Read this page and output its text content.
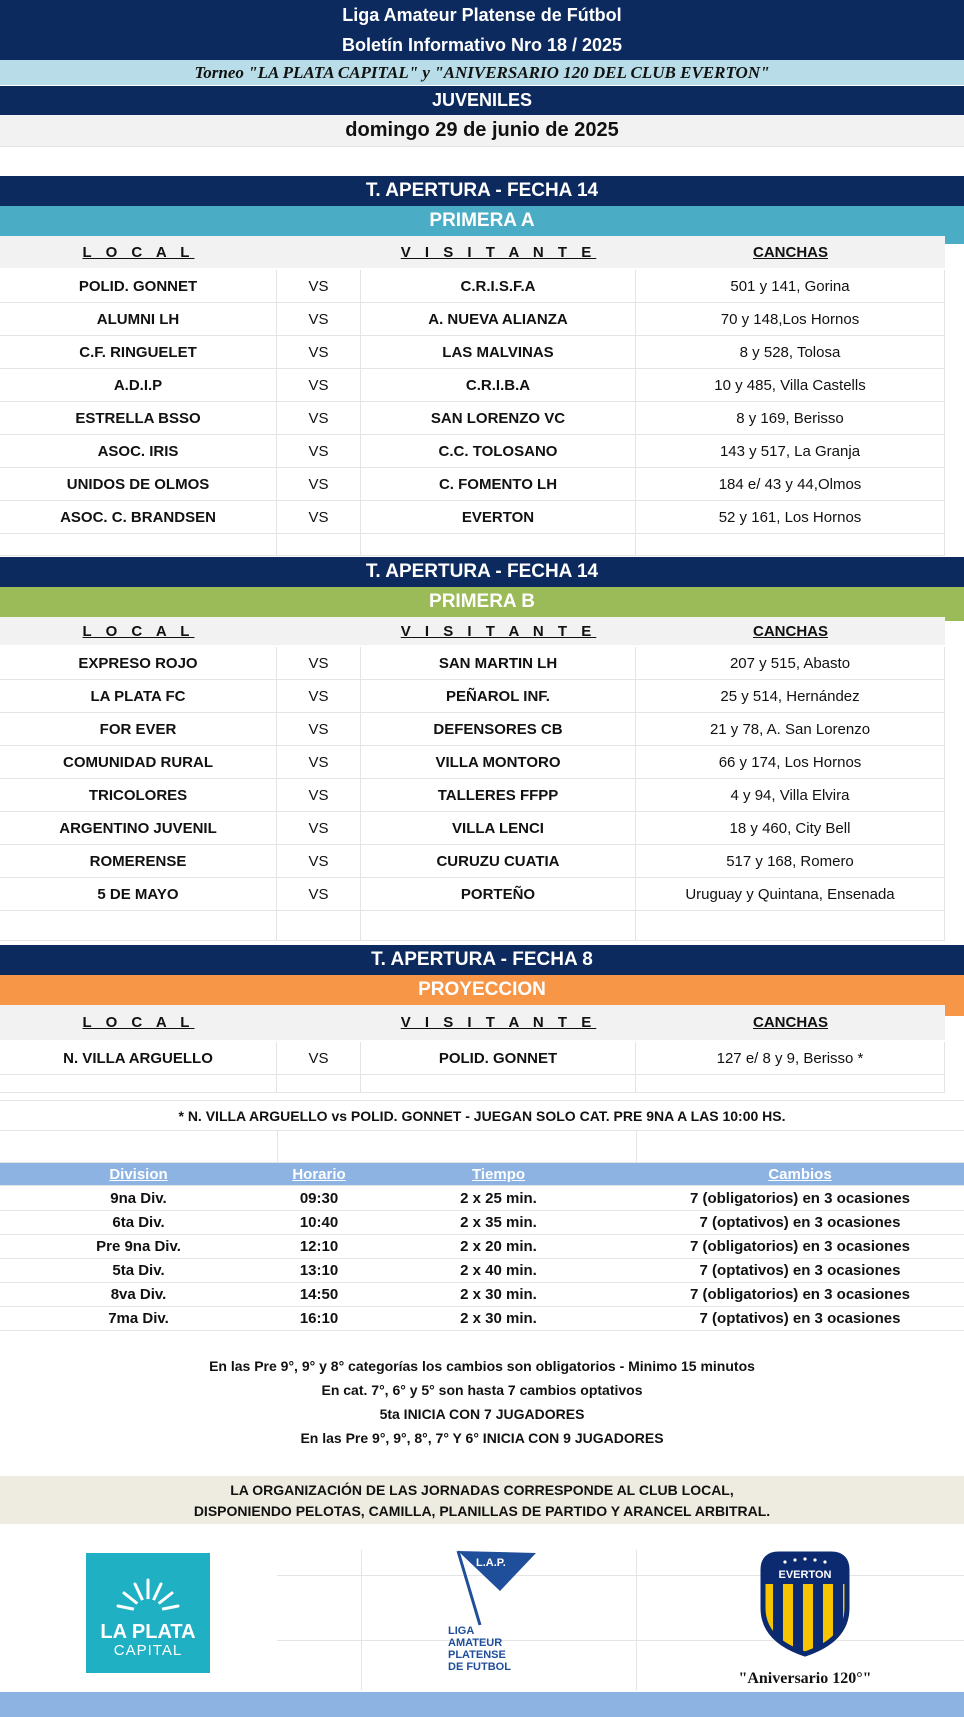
Liga Amateur Platense de Fútbol
Boletín Informativo Nro 18 / 2025
Torneo "LA PLATA CAPITAL" y "ANIVERSARIO 120 DEL CLUB EVERTON"
JUVENILES
domingo 29 de junio de 2025
T. APERTURA - FECHA 14
PRIMERA A
L O C A L	V I S I T A N T E	CANCHAS
POLID. GONNET	VS	C.R.I.S.F.A	501 y 141, Gorina
ALUMNI LH	VS	A. NUEVA ALIANZA	70 y 148,Los Hornos
C.F. RINGUELET	VS	LAS MALVINAS	8 y 528, Tolosa
A.D.I.P	VS	C.R.I.B.A	10 y 485, Villa Castells
ESTRELLA BSSO	VS	SAN LORENZO VC	8 y 169, Berisso
ASOC. IRIS	VS	C.C. TOLOSANO	143 y 517, La Granja
UNIDOS DE OLMOS	VS	C. FOMENTO LH	184 e/ 43 y 44,Olmos
ASOC. C. BRANDSEN	VS	EVERTON	52 y 161, Los Hornos
T. APERTURA - FECHA 14
PRIMERA B
L O C A L	V I S I T A N T E	CANCHAS
EXPRESO ROJO	VS	SAN MARTIN LH	207 y 515, Abasto
LA PLATA FC	VS	PEÑAROL INF.	25 y 514, Hernández
FOR EVER	VS	DEFENSORES CB	21 y 78, A. San Lorenzo
COMUNIDAD RURAL	VS	VILLA MONTORO	66 y 174, Los Hornos
TRICOLORES	VS	TALLERES FFPP	4 y 94, Villa Elvira
ARGENTINO JUVENIL	VS	VILLA LENCI	18 y 460, City Bell
ROMERENSE	VS	CURUZU CUATIA	517 y 168, Romero
5 DE MAYO	VS	PORTEÑO	Uruguay y Quintana, Ensenada
T. APERTURA - FECHA 8
PROYECCION
L O C A L	V I S I T A N T E	CANCHAS
N. VILLA ARGUELLO	VS	POLID. GONNET	127 e/ 8 y 9, Berisso *
* N. VILLA ARGUELLO vs POLID. GONNET - JUEGAN SOLO CAT. PRE 9NA A LAS 10:00 HS.
Division	Horario	Tiempo	Cambios
9na Div.	09:30	2 x 25 min.	7 (obligatorios) en 3 ocasiones
6ta Div.	10:40	2 x 35 min.	7 (optativos) en 3 ocasiones
Pre 9na Div.	12:10	2 x 20 min.	7 (obligatorios) en 3 ocasiones
5ta Div.	13:10	2 x 40 min.	7 (optativos) en 3 ocasiones
8va Div.	14:50	2 x 30 min.	7 (obligatorios) en 3 ocasiones
7ma Div.	16:10	2 x 30 min.	7 (optativos) en 3 ocasiones
En las Pre 9°, 9° y 8° categorías los cambios son obligatorios - Minimo 15 minutos
En cat. 7°, 6° y 5° son hasta 7 cambios optativos
5ta INICIA CON 7 JUGADORES
En las Pre 9°, 9°, 8°, 7° Y 6° INICIA CON 9 JUGADORES
LA ORGANIZACIÓN DE LAS JORNADAS CORRESPONDE AL CLUB LOCAL,
DISPONIENDO PELOTAS, CAMILLA, PLANILLAS DE PARTIDO Y ARANCEL ARBITRAL.
LA PLATA
CAPITAL
L.A.P.
LIGA
AMATEUR
PLATENSE
DE FUTBOL
EVERTON
"Aniversario 120°"
